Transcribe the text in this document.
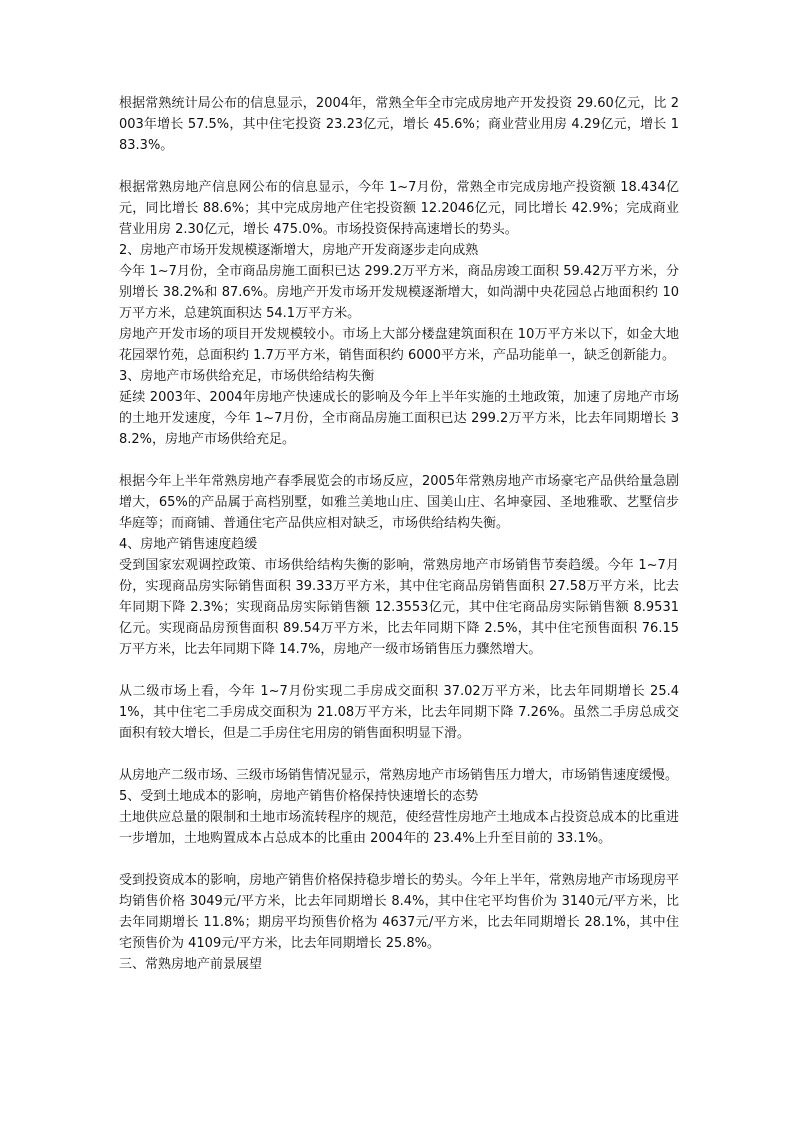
根据常熟统计局公布的信息显示，2004年，常熟全年全市完成房地产开发投资 29.60亿元，比 2003年增长 57.5%，其中住宅投资 23.23亿元，增长 45.6%；商业营业用房 4.29亿元，增长 183.3%。

根据常熟房地产信息网公布的信息显示，今年 1~7月份，常熟全市完成房地产投资额 18.434亿元，同比增长 88.6%；其中完成房地产住宅投资额 12.2046亿元，同比增长 42.9%；完成商业营业用房 2.30亿元，增长 475.0%。市场投资保持高速增长的势头。

2、房地产市场开发规模逐渐增大，房地产开发商逐步走向成熟

今年 1~7月份，全市商品房施工面积已达 299.2万平方米，商品房竣工面积 59.42万平方米，分别增长 38.2%和 87.6%。房地产开发市场开发规模逐渐增大，如尚湖中央花园总占地面积约 10万平方米，总建筑面积达 54.1万平方米。

房地产开发市场的项目开发规模较小。市场上大部分楼盘建筑面积在 10万平方米以下，如金大地花园翠竹苑，总面积约 1.7万平方米，销售面积约 6000平方米，产品功能单一，缺乏创新能力。

3、房地产市场供给充足，市场供给结构失衡

延续 2003年、2004年房地产快速成长的影响及今年上半年实施的土地政策，加速了房地产市场的土地开发速度，今年 1~7月份，全市商品房施工面积已达 299.2万平方米，比去年同期增长 38.2%，房地产市场供给充足。

根据今年上半年常熟房地产春季展览会的市场反应，2005年常熟房地产市场豪宅产品供给量急剧增大，65%的产品属于高档别墅，如雅兰美地山庄、国美山庄、名坤豪园、圣地雅歌、艺墅信步华庭等；而商铺、普通住宅产品供应相对缺乏，市场供给结构失衡。

4、房地产销售速度趋缓

受到国家宏观调控政策、市场供给结构失衡的影响，常熟房地产市场销售节奏趋缓。今年 1~7月份，实现商品房实际销售面积 39.33万平方米，其中住宅商品房销售面积 27.58万平方米，比去年同期下降 2.3%；实现商品房实际销售额 12.3553亿元，其中住宅商品房实际销售额 8.9531亿元。实现商品房预售面积 89.54万平方米，比去年同期下降 2.5%，其中住宅预售面积 76.15万平方米，比去年同期下降 14.7%，房地产一级市场销售压力骤然增大。

从二级市场上看，今年 1~7月份实现二手房成交面积 37.02万平方米，比去年同期增长 25.41%，其中住宅二手房成交面积为 21.08万平方米，比去年同期下降 7.26%。虽然二手房总成交面积有较大增长，但是二手房住宅用房的销售面积明显下滑。

从房地产二级市场、三级市场销售情况显示，常熟房地产市场销售压力增大，市场销售速度缓慢。

5、受到土地成本的影响，房地产销售价格保持快速增长的态势

土地供应总量的限制和土地市场流转程序的规范，使经营性房地产土地成本占投资总成本的比重进一步增加，土地购置成本占总成本的比重由 2004年的 23.4%上升至目前的 33.1%。

受到投资成本的影响，房地产销售价格保持稳步增长的势头。今年上半年，常熟房地产市场现房平均销售价格 3049元/平方米，比去年同期增长 8.4%，其中住宅平均售价为 3140元/平方米，比去年同期增长 11.8%；期房平均预售价格为 4637元/平方米，比去年同期增长 28.1%，其中住宅预售价为 4109元/平方米，比去年同期增长 25.8%。

三、常熟房地产前景展望
